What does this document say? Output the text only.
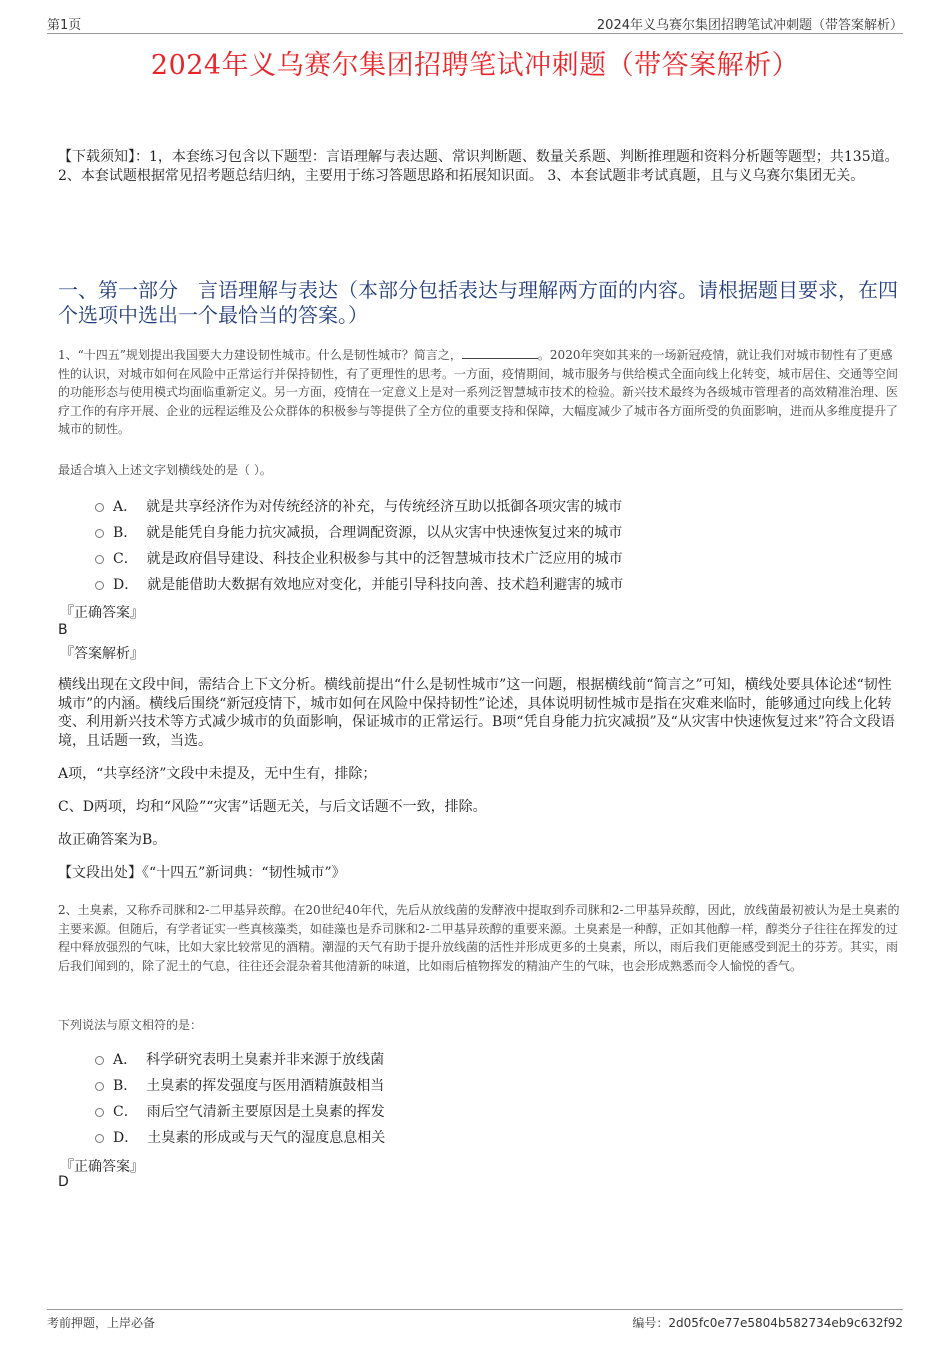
第1页	2024年义乌赛尔集团招聘笔试冲刺题（带答案解析）
2024年义乌赛尔集团招聘笔试冲刺题（带答案解析）
【下载须知】：1，本套练习包含以下题型：言语理解与表达题、常识判断题、数量关系题、判断推理题和资料分析题等题型；共135道。 2、本套试题根据常见招考题总结归纳，主要用于练习答题思路和拓展知识面。 3、本套试题非考试真题，且与义乌赛尔集团无关。
一、第一部分　言语理解与表达（本部分包括表达与理解两方面的内容。请根据题目要求，在四个选项中选出一个最恰当的答案。）
1、“十四五”规划提出我国要大力建设韧性城市。什么是韧性城市？简言之，	。2020年突如其来的一场新冠疫情，就让我们对城市韧性有了更感性的认识，对城市如何在风险中正常运行并保持韧性，有了更理性的思考。一方面，疫情期间，城市服务与供给模式全面向线上化转变，城市居住、交通等空间的功能形态与使用模式均面临重新定义。另一方面，疫情在一定意义上是对一系列泛智慧城市技术的检验。新兴技术最终为各级城市管理者的高效精准治理、医疗工作的有序开展、企业的远程运维及公众群体的积极参与等提供了全方位的重要支持和保障，大幅度减少了城市各方面所受的负面影响，进而从多维度提升了城市的韧性。
最适合填入上述文字划横线处的是（ ）。
A． 就是共享经济作为对传统经济的补充，与传统经济互助以抵御各项灾害的城市
B． 就是能凭自身能力抗灾减损，合理调配资源，以从灾害中快速恢复过来的城市
C． 就是政府倡导建设、科技企业积极参与其中的泛智慧城市技术广泛应用的城市
D． 就是能借助大数据有效地应对变化，并能引导科技向善、技术趋利避害的城市
『正确答案』
B
『答案解析』
横线出现在文段中间，需结合上下文分析。横线前提出“什么是韧性城市”这一问题，根据横线前“简言之”可知，横线处要具体论述“韧性城市”的内涵。横线后围绕“新冠疫情下，城市如何在风险中保持韧性”论述，具体说明韧性城市是指在灾难来临时，能够通过向线上化转变、利用新兴技术等方式减少城市的负面影响，保证城市的正常运行。B项“凭自身能力抗灾减损”及“从灾害中快速恢复过来”符合文段语境，且话题一致，当选。
A项，“共享经济”文段中未提及，无中生有，排除；
C、D两项，均和“风险”“灾害”话题无关，与后文话题不一致，排除。
故正确答案为B。
【文段出处】《“十四五”新词典：“韧性城市”》
2、土臭素，又称乔司脒和2-二甲基异莰醇。在20世纪40年代，先后从放线菌的发酵液中提取到乔司脒和2-二甲基异莰醇，因此，放线菌最初被认为是土臭素的主要来源。但随后，有学者证实一些真核藻类，如硅藻也是乔司脒和2-二甲基异莰醇的重要来源。土臭素是一种醇，正如其他醇一样，醇类分子往往在挥发的过程中释放强烈的气味，比如大家比较常见的酒精。潮湿的天气有助于提升放线菌的活性并形成更多的土臭素，所以，雨后我们更能感受到泥土的芬芳。其实，雨后我们闻到的，除了泥土的气息，往往还会混杂着其他清新的味道，比如雨后植物挥发的精油产生的气味，也会形成熟悉而令人愉悦的香气。
下列说法与原文相符的是：
A． 科学研究表明土臭素并非来源于放线菌
B． 土臭素的挥发强度与医用酒精旗鼓相当
C． 雨后空气清新主要原因是土臭素的挥发
D． 土臭素的形成或与天气的湿度息息相关
『正确答案』
D
考前押题，上岸必备	编号：2d05fc0e77e5804b582734eb9c632f92
